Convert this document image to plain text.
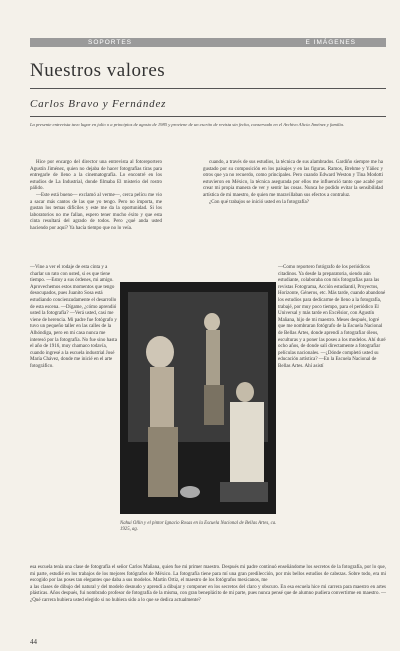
SOPORTES	E IMÁGENES
Nuestros valores
Carlos Bravo y Fernández
La presente entrevista tuvo lugar en julio o a principios de agosto de 1985 y proviene de un escrito de revista sin fecha, conservado en el Archivo Alicia Jiménez y familia.

Hice por encargo del director una entrevista al fotoreportero Agustín Jiménez, quien no dejaba de hacer fotografías tiras para entregarle de lleno a la cinematografía. Lo encontré en los estudios de La Industrial, donde filmaba El misterio del rostro pálido.

—Este está bueno— exclamó al verme—, cerca pelícu me vio a sacar más cantos de las que yo tengo. Pero no importa, me gustan los temas difíciles y este me da la oportunidad. Si los laboratorios no me fallan, espero tener mucho éxito y que esta cinta resultará del agrado de todos. Pero ¿qué anda usted haciendo por aquí? Ya hacía tiempo que no lo veía.

cuando, a través de sus estudios, la técnica de sus alambrados. Gardiño siempre me ha gustado por su composición en los paisajes y en las figuras. Ramos, Brehme y Yáñez y otros que ya no recuerdo, como principales. Pero cuando Edward Weston y Tina Modotti estuvieron en México, la técnica asegurada por ellos me influenció tanto que acabé por crear mi propia manera de ver y sentir las cosas. Nunca he podido evitar la sensibilidad artística de mi maestro, de quien me maravillaban sus efectos a contraluz.

¿Con qué trabajos se inició usted en la fotografía?

—Vine a ver el rodaje de esta cinta y a charlar un rato con usted, si es que tiene tiempo. —Estoy a sus órdenes, mi amigo. Aprovechemos estos momentos que tengo desocupados, pues Juanito Sosa está estudiando concienzudamente el desarrollo de esta escena. —Dígame, ¿cómo aprendió usted la fotografía? —Verá usted, casi me viene de herencia. Mi padre fue fotógrafo y tuvo un pequeño taller en las calles de la Alhóndiga, pero en mi casa nunca me interesó por la fotografía. No fue sino hasta el año de 1916, muy chamaco todavía, cuando ingresé a la escuela industrial José María Chávez, donde me inicié en el arte fotográfico.
—Como reportero fotógrafo de los periódicos citadinos. Ya desde la preparatoria, siendo aún estudiante, colaboraba con mis fotografías para las revistas Fotograma, Acción estudiantil, Proyectos, Horizonte, Géneros, etc. Más tarde, cuando abandoné los estudios para dedicarme de lleno a la fotografía, trabajé, por muy poco tiempo, para el periódico El Universal y más tarde en Excélsior, con Agustín Mañana, hijo de mi maestro. Meses después, logré que me nombraran fotógrafo de la Escuela Nacional de Bellas Artes, donde aprendí a fotografiar óleos, esculturas y a poner las poses a los modelos. Ahí duré ocho años, de donde salí directamente a fotografiar películas nacionales. —¿Dónde completó usted su educación artística? —En la Escuela Nacional de Bellas Artes. Ahí asistí
Nahui Ollin y el pintor Ignacio Rosas en la Escuela Nacional de Bellas Artes, ca. 1925, ag.

esa escuela tenía una clase de fotografía el señor Carlos Mañana, quien fue mi primer maestro. Después mi padre continuó enseñándome los secretos de la fotografía, por lo que, mi parte, estudié en los trabajos de los mejores fotógrafos de México. La fotografía tiene para mí una gran predilección, por mis bellos estudios de cabezas. Sobre todo, era mi escogido por las poses tan elegantes que daba a sus modelos. Martín Ortiz, el maestro de los fotógrafos mexicanos, me

a las clases de dibujo del natural y del modelo desnudo y aprendí a dibujar y componer en los secretos del claro y obscuro. En esa escuela hice mi carrera para maestro en artes plásticas. Años después, fui nombrado profesor de fotografía de la misma, con gran beneplácito de mi parte, pues nunca pensé que de alumno pudiera convertirme en maestro. —¿Qué carrera hubiera usted elegido si no hubiera sido a lo que se dedica actualmente?

44
